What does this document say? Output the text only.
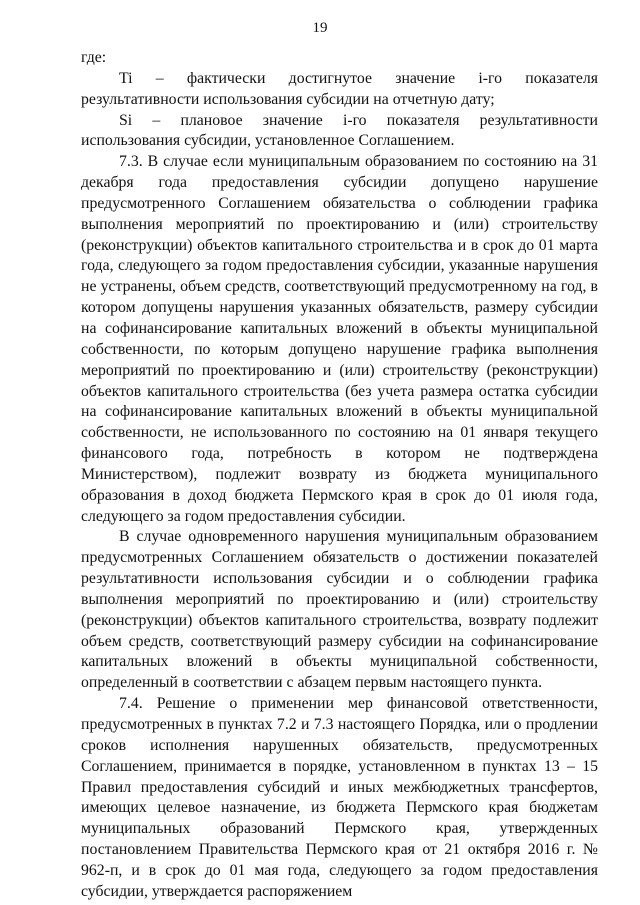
19

где:

Ti – фактически достигнутое значение i-го показателя результативности использования субсидии на отчетную дату;

Si – плановое значение i-го показателя результативности использования субсидии, установленное Соглашением.

7.3. В случае если муниципальным образованием по состоянию на 31 декабря года предоставления субсидии допущено нарушение предусмотренного Соглашением обязательства о соблюдении графика выполнения мероприятий по проектированию и (или) строительству (реконструкции) объектов капитального строительства и в срок до 01 марта года, следующего за годом предоставления субсидии, указанные нарушения не устранены, объем средств, соответствующий предусмотренному на год, в котором допущены нарушения указанных обязательств, размеру субсидии на софинансирование капитальных вложений в объекты муниципальной собственности, по которым допущено нарушение графика выполнения мероприятий по проектированию и (или) строительству (реконструкции) объектов капитального строительства (без учета размера остатка субсидии на софинансирование капитальных вложений в объекты муниципальной собственности, не использованного по состоянию на 01 января текущего финансового года, потребность в котором не подтверждена Министерством), подлежит возврату из бюджета муниципального образования в доход бюджета Пермского края в срок до 01 июля года, следующего за годом предоставления субсидии.

В случае одновременного нарушения муниципальным образованием предусмотренных Соглашением обязательств о достижении показателей результативности использования субсидии и о соблюдении графика выполнения мероприятий по проектированию и (или) строительству (реконструкции) объектов капитального строительства, возврату подлежит объем средств, соответствующий размеру субсидии на софинансирование капитальных вложений в объекты муниципальной собственности, определенный в соответствии с абзацем первым настоящего пункта.

7.4. Решение о применении мер финансовой ответственности, предусмотренных в пунктах 7.2 и 7.3 настоящего Порядка, или о продлении сроков исполнения нарушенных обязательств, предусмотренных Соглашением, принимается в порядке, установленном в пунктах 13 – 15 Правил предоставления субсидий и иных межбюджетных трансфертов, имеющих целевое назначение, из бюджета Пермского края бюджетам муниципальных образований Пермского края, утвержденных постановлением Правительства Пермского края от 21 октября 2016 г. № 962-п, и в срок до 01 мая года, следующего за годом предоставления субсидии, утверждается распоряжением
